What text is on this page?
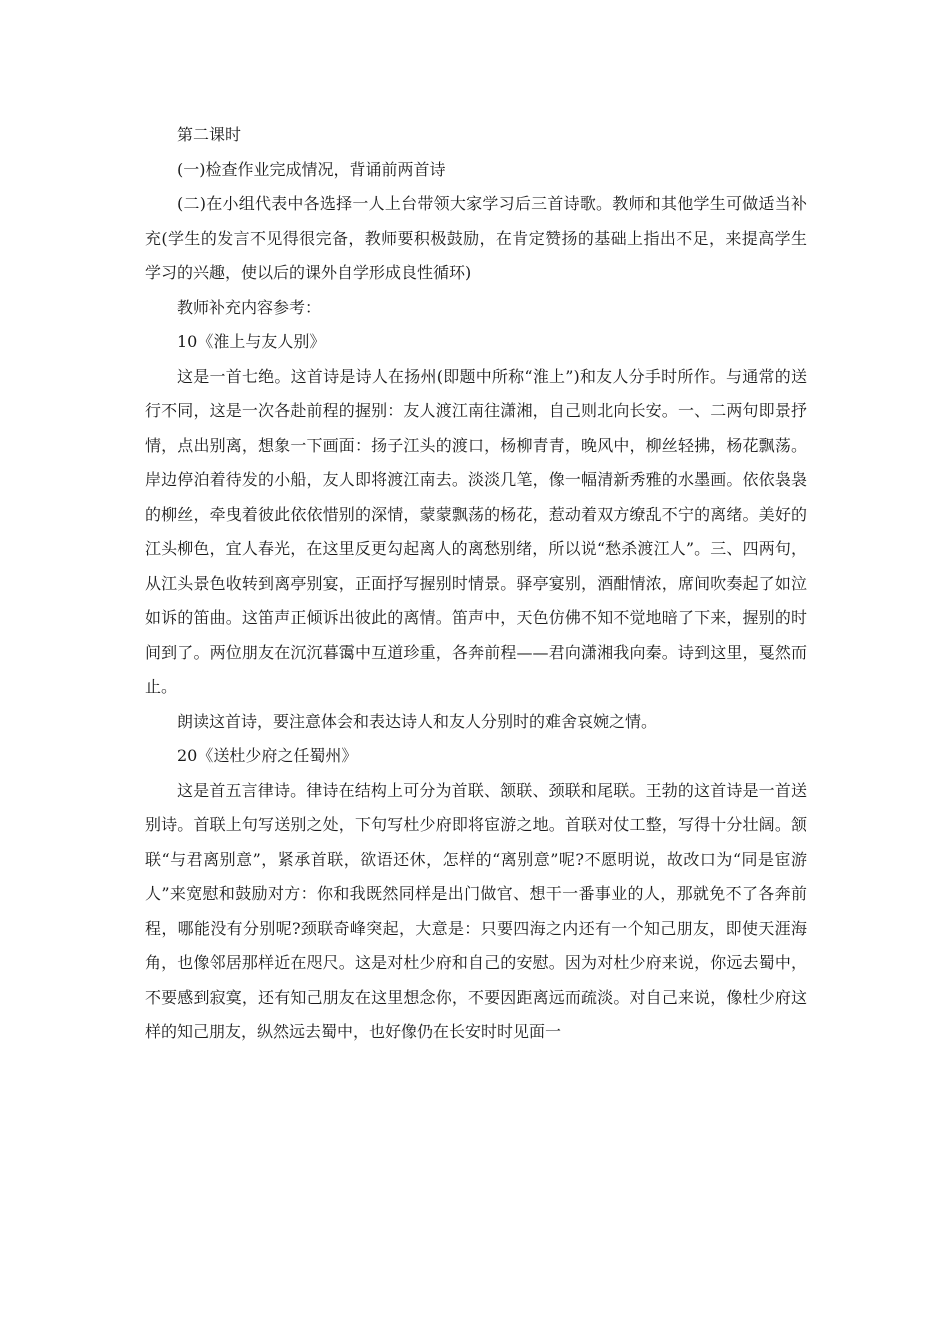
第二课时

(一)检查作业完成情况，背诵前两首诗

(二)在小组代表中各选择一人上台带领大家学习后三首诗歌。教师和其他学生可做适当补充(学生的发言不见得很完备，教师要积极鼓励，在肯定赞扬的基础上指出不足，来提高学生学习的兴趣，使以后的课外自学形成良性循环)

教师补充内容参考：

10《淮上与友人别》

这是一首七绝。这首诗是诗人在扬州(即题中所称“淮上”)和友人分手时所作。与通常的送行不同，这是一次各赴前程的握别：友人渡江南往潇湘，自己则北向长安。一、二两句即景抒情，点出别离，想象一下画面：扬子江头的渡口，杨柳青青，晚风中，柳丝轻拂，杨花飘荡。岸边停泊着待发的小船，友人即将渡江南去。淡淡几笔，像一幅清新秀雅的水墨画。依依袅袅的柳丝，牵曳着彼此依依惜别的深情，蒙蒙飘荡的杨花，惹动着双方缭乱不宁的离绪。美好的江头柳色，宜人春光，在这里反更勾起离人的离愁别绪，所以说“愁杀渡江人”。三、四两句，从江头景色收转到离亭别宴，正面抒写握别时情景。驿亭宴别，酒酣情浓，席间吹奏起了如泣如诉的笛曲。这笛声正倾诉出彼此的离情。笛声中，天色仿佛不知不觉地暗了下来，握别的时间到了。两位朋友在沉沉暮霭中互道珍重，各奔前程——君向潇湘我向秦。诗到这里，戛然而止。

朗读这首诗，要注意体会和表达诗人和友人分别时的难舍哀婉之情。

20《送杜少府之任蜀州》

这是首五言律诗。律诗在结构上可分为首联、颔联、颈联和尾联。王勃的这首诗是一首送别诗。首联上句写送别之处，下句写杜少府即将宦游之地。首联对仗工整，写得十分壮阔。颔联“与君离别意”，紧承首联，欲语还休，怎样的“离别意”呢?不愿明说，故改口为“同是宦游人”来宽慰和鼓励对方：你和我既然同样是出门做官、想干一番事业的人，那就免不了各奔前程，哪能没有分别呢?颈联奇峰突起，大意是：只要四海之内还有一个知己朋友，即使天涯海角，也像邻居那样近在咫尺。这是对杜少府和自己的安慰。因为对杜少府来说，你远去蜀中，不要感到寂寞，还有知己朋友在这里想念你，不要因距离远而疏淡。对自己来说，像杜少府这样的知己朋友，纵然远去蜀中，也好像仍在长安时时见面一
